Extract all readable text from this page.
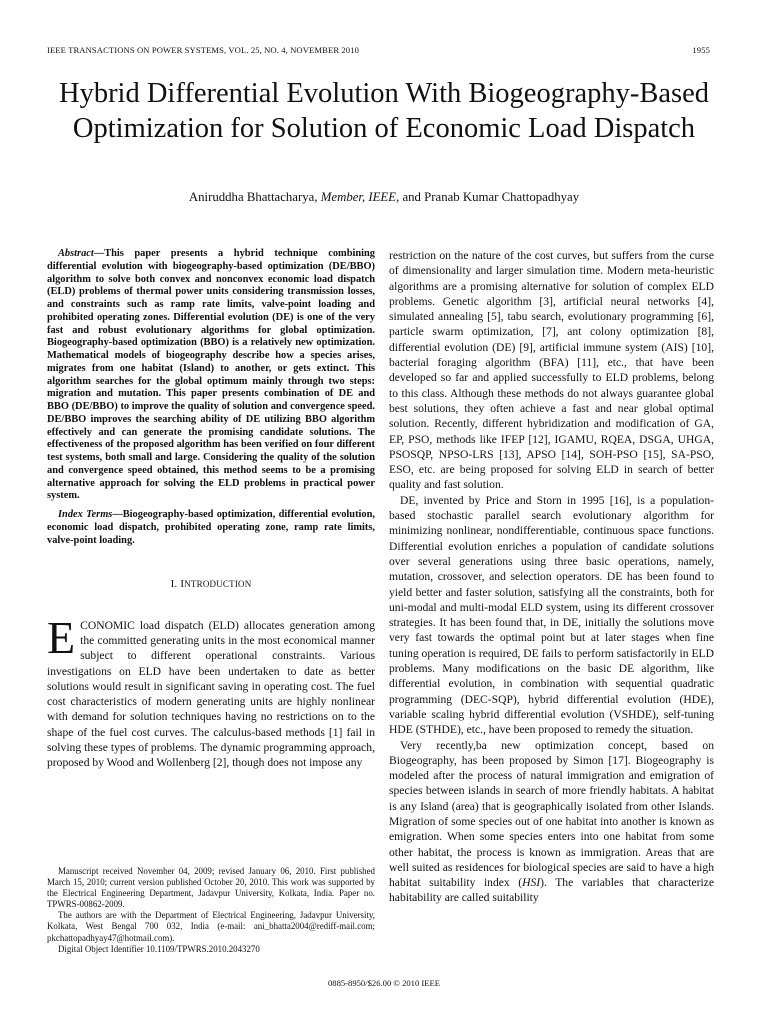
IEEE TRANSACTIONS ON POWER SYSTEMS, VOL. 25, NO. 4, NOVEMBER 2010	1955
Hybrid Differential Evolution With Biogeography-Based Optimization for Solution of Economic Load Dispatch
Aniruddha Bhattacharya, Member, IEEE, and Pranab Kumar Chattopadhyay

Abstract—This paper presents a hybrid technique combining differential evolution with biogeography-based optimization (DE/BBO) algorithm to solve both convex and nonconvex economic load dispatch (ELD) problems of thermal power units considering transmission losses, and constraints such as ramp rate limits, valve-point loading and prohibited operating zones. Differential evolution (DE) is one of the very fast and robust evolutionary algorithms for global optimization. Biogeography-based optimization (BBO) is a relatively new optimization. Mathematical models of biogeography describe how a species arises, migrates from one habitat (Island) to another, or gets extinct. This algorithm searches for the global optimum mainly through two steps: migration and mutation. This paper presents combination of DE and BBO (DE/BBO) to improve the quality of solution and convergence speed. DE/BBO improves the searching ability of DE utilizing BBO algorithm effectively and can generate the promising candidate solutions. The effectiveness of the proposed algorithm has been verified on four different test systems, both small and large. Considering the quality of the solution and convergence speed obtained, this method seems to be a promising alternative approach for solving the ELD problems in practical power system.

Index Terms—Biogeography-based optimization, differential evolution, economic load dispatch, prohibited operating zone, ramp rate limits, valve-point loading.

I. INTRODUCTION

ECONOMIC load dispatch (ELD) allocates generation among the committed generating units in the most economical manner subject to different operational constraints. Various investigations on ELD have been undertaken to date as better solutions would result in significant saving in operating cost. The fuel cost characteristics of modern generating units are highly nonlinear with demand for solution techniques having no restrictions on to the shape of the fuel cost curves. The calculus-based methods [1] fail in solving these types of problems. The dynamic programming approach, proposed by Wood and Wollenberg [2], though does not impose any

Manuscript received November 04, 2009; revised January 06, 2010. First published March 15, 2010; current version published October 20, 2010. This work was supported by the Electrical Engineering Department, Jadavpur University, Kolkata, India. Paper no. TPWRS-00862-2009.

The authors are with the Department of Electrical Engineering, Jadavpur University, Kolkata, West Bengal 700 032, India (e-mail: ani_bhatta2004@rediff-mail.com; pkchattopadhyay47@hotmail.com).

Digital Object Identifier 10.1109/TPWRS.2010.2043270

restriction on the nature of the cost curves, but suffers from the curse of dimensionality and larger simulation time. Modern meta-heuristic algorithms are a promising alternative for solution of complex ELD problems. Genetic algorithm [3], artificial neural networks [4], simulated annealing [5], tabu search, evolutionary programming [6], particle swarm optimization, [7], ant colony optimization [8], differential evolution (DE) [9], artificial immune system (AIS) [10], bacterial foraging algorithm (BFA) [11], etc., that have been developed so far and applied successfully to ELD problems, belong to this class. Although these methods do not always guarantee global best solutions, they often achieve a fast and near global optimal solution. Recently, different hybridization and modification of GA, EP, PSO, methods like IFEP [12], IGAMU, RQEA, DSGA, UHGA, PSOSQP, NPSO-LRS [13], APSO [14], SOH-PSO [15], SA-PSO, ESO, etc. are being proposed for solving ELD in search of better quality and fast solution.

DE, invented by Price and Storn in 1995 [16], is a population-based stochastic parallel search evolutionary algorithm for minimizing nonlinear, nondifferentiable, continuous space functions. Differential evolution enriches a population of candidate solutions over several generations using three basic operations, namely, mutation, crossover, and selection operators. DE has been found to yield better and faster solution, satisfying all the constraints, both for uni-modal and multi-modal ELD system, using its different crossover strategies. It has been found that, in DE, initially the solutions move very fast towards the optimal point but at later stages when fine tuning operation is required, DE fails to perform satisfactorily in ELD problems. Many modifications on the basic DE algorithm, like differential evolution, in combination with sequential quadratic programming (DEC-SQP), hybrid differential evolution (HDE), variable scaling hybrid differential evolution (VSHDE), self-tuning HDE (STHDE), etc., have been proposed to remedy the situation.

Very recently,ba new optimization concept, based on Biogeography, has been proposed by Simon [17]. Biogeography is modeled after the process of natural immigration and emigration of species between islands in search of more friendly habitats. A habitat is any Island (area) that is geographically isolated from other Islands. Migration of some species out of one habitat into another is known as emigration. When some species enters into one habitat from some other habitat, the process is known as immigration. Areas that are well suited as residences for biological species are said to have a high habitat suitability index (HSI). The variables that characterize habitability are called suitability

0885-8950/$26.00 © 2010 IEEE
